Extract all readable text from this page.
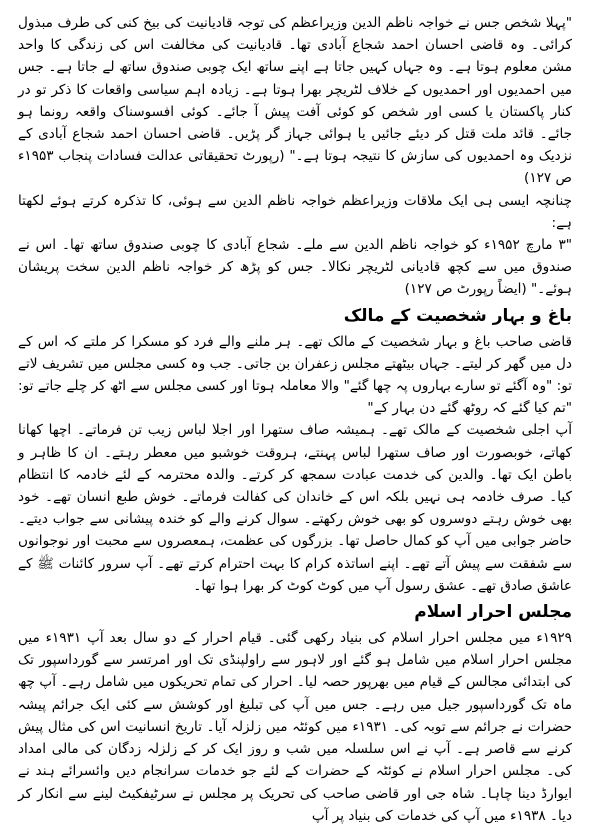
"پہلا شخص جس نے خواجہ ناظم الدین وزیراعظم کی توجہ قادیانیت کی بیخ کنی کی طرف مبذول کرائی۔ وہ قاضی احسان احمد شجاع آبادی تھا۔ قادیانیت کی مخالفت اس کی زندگی کا واحد مشن معلوم ہوتا ہے۔ وہ جہاں کہیں جاتا ہے اپنے ساتھ ایک چوبی صندوق ساتھ لے جاتا ہے۔ جس میں احمدیوں اور احمدیوں کے خلاف لٹریچر بھرا ہوتا ہے۔ زیادہ اہم سیاسی واقعات کا ذکر تو در کنار پاکستان یا کسی اور شخص کو کوئی آفت پیش آ جائے۔ کوئی افسوسناک واقعہ رونما ہو جائے۔ قائد ملت قتل کر دیئے جائیں یا ہوائی جہاز گر پڑیں۔ قاضی احسان احمد شجاع آبادی کے نزدیک وہ احمدیوں کی سازش کا نتیجہ ہوتا ہے۔" (رپورٹ تحقیقاتی عدالت فسادات پنجاب ۱۹۵۳ء ص ۱۲۷)

چنانچہ ایسی ہی ایک ملاقات وزیراعظم خواجہ ناظم الدین سے ہوئی، کا تذکرہ کرتے ہوئے لکھتا ہے:

"۳ مارچ ۱۹۵۲ء کو خواجہ ناظم الدین سے ملے۔ شجاع آبادی کا چوبی صندوق ساتھ تھا۔ اس نے صندوق میں سے کچھ قادیانی لٹریچر نکالا۔ جس کو پڑھ کر خواجہ ناظم الدین سخت پریشان ہوئے۔" (ایضاً رپورٹ ص ۱۲۷)

باغ و بہار شخصیت کے مالک

قاضی صاحب باغ و بہار شخصیت کے مالک تھے۔ ہر ملنے والے فرد کو مسکرا کر ملتے کہ اس کے دل میں گھر کر لیتے۔ جہاں بیٹھتے مجلس زعفران بن جاتی۔ جب وہ کسی مجلس میں تشریف لاتے تو: "وہ آگئے تو سارے بہاروں پہ چھا گئے" والا معاملہ ہوتا اور کسی مجلس سے اٹھ کر چلے جاتے تو: "تم کیا گئے کہ روٹھ گئے دن بہار کے"

آپ اجلی شخصیت کے مالک تھے۔ ہمیشہ صاف ستھرا اور اجلا لباس زیب تن فرماتے۔ اچھا کھانا کھاتے، خوبصورت اور صاف ستھرا لباس پہنتے، ہروقت خوشبو میں معطر رہتے۔ ان کا ظاہر و باطن ایک تھا۔ والدین کی خدمت عبادت سمجھ کر کرتے۔ والدہ محترمہ کے لئے خادمہ کا انتظام کیا۔ صرف خادمہ ہی نہیں بلکہ اس کے خاندان کی کفالت فرماتے۔ خوش طبع انسان تھے۔ خود بھی خوش رہتے دوسروں کو بھی خوش رکھتے۔ سوال کرنے والے کو خندہ پیشانی سے جواب دیتے۔ حاضر جوابی میں آپ کو کمال حاصل تھا۔ بزرگوں کی عظمت، ہمعصروں سے محبت اور نوجوانوں سے شفقت سے پیش آتے تھے۔ اپنے اساتذہ کرام کا بہت احترام کرتے تھے۔ آپ سرور کائنات ﷺ کے عاشق صادق تھے۔ عشق رسول آپ میں کوٹ کوٹ کر بھرا ہوا تھا۔

مجلس احرار اسلام

۱۹۲۹ء میں مجلس احرار اسلام کی بنیاد رکھی گئی۔ قیام احرار کے دو سال بعد آپ ۱۹۳۱ء میں مجلس احرار اسلام میں شامل ہو گئے اور لاہور سے راولپنڈی تک اور امرتسر سے گورداسپور تک کی ابتدائی مجالس کے قیام میں بھرپور حصہ لیا۔ احرار کی تمام تحریکوں میں شامل رہے۔ آپ چھ ماہ تک گورداسپور جیل میں رہے۔ جس میں آپ کی تبلیغ اور کوشش سے کئی ایک جرائم پیشہ حضرات نے جرائم سے توبہ کی۔ ۱۹۳۱ء میں کوئٹہ میں زلزلہ آیا۔ تاریخ انسانیت اس کی مثال پیش کرنے سے قاصر ہے۔ آپ نے اس سلسلہ میں شب و روز ایک کر کے زلزلہ زدگان کی مالی امداد کی۔ مجلس احرار اسلام نے کوئٹہ کے حضرات کے لئے جو خدمات سرانجام دیں وائسرائے ہند نے ایوارڈ دینا چاہا۔ شاہ جی اور قاضی صاحب کی تحریک پر مجلس نے سرٹیفکیٹ لینے سے انکار کر دیا۔ ۱۹۳۸ء میں آپ کی خدمات کی بنیاد پر آپ
